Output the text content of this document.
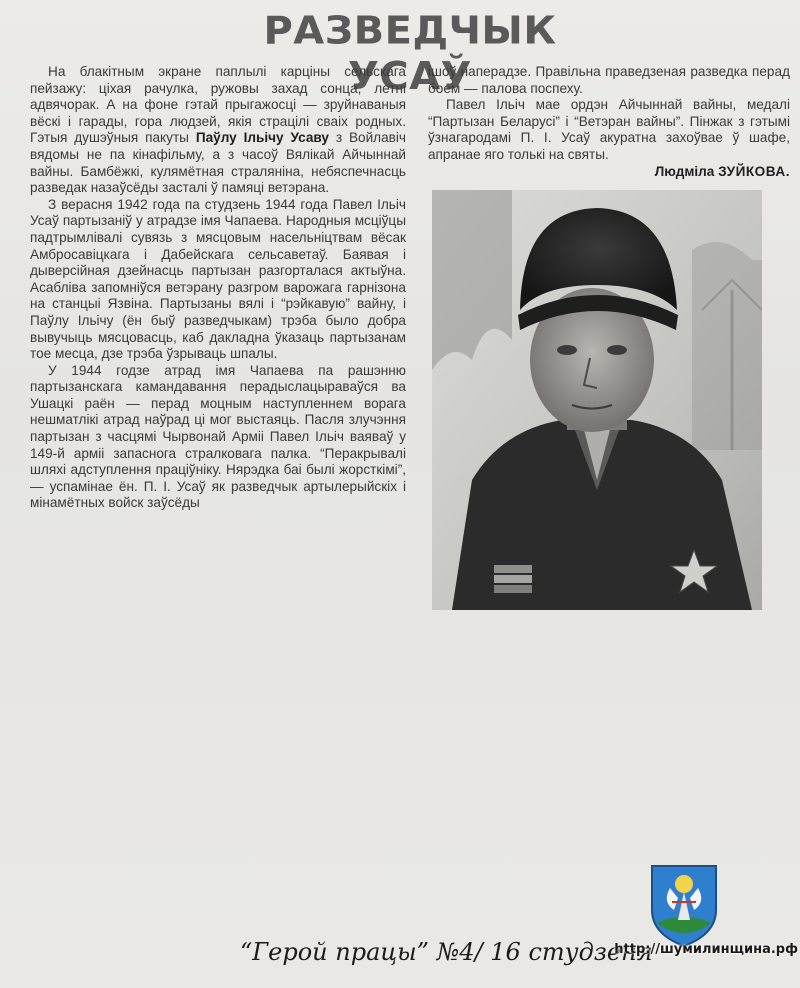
РАЗВЕДЧЫК УСАЎ

На блакітным экране паплылі карціны сельскага пейзажу: ціхая рачулка, ружовы захад сонца, летні адвячорак. А на фоне гэтай прыгажосці — зруйнаваныя вёскі і гарады, гора людзей, якія страцілі сваіх родных. Гэтыя душэўныя пакуты Паўлу Ільічу Усаву з Войлавіч вядомы не па кінафільму, а з часоў Вялікай Айчыннай вайны. Бамбёжкі, кулямётная стралянiна, небяспечнасць разведак назаўсёды засталі ў памяці ветэрана.

З верасня 1942 года па студзень 1944 года Павел Ільіч Усаў партызаніў у атрадзе імя Чапаева. Народныя мсціўцы падтрымлівалі сувязь з мясцовым насельніцтвам вёсак Амбросавіцкага і Дабейскага сельсаветаў. Баявая і дыверсійная дзейнасць партызан разгорталася актыўна. Асабліва запомніўся ветэрану разгром варожага гарнізона на станцыі Язвіна. Партызаны вялі і “рэйкавую” вайну, і Паўлу Ільічу (ён быў разведчыкам) трэба было добра вывучыць мясцовасць, каб дакладна ўказаць партызанам тое месца, дзе трэба ўзрываць шпалы.

У 1944 годзе атрад імя Чапаева па рашэнню партызанскага камандавання перадыслацыраваўся ва Ушацкі раён — перад моцным наступленнем ворага нешматлікі атрад наўрад ці мог выстаяць. Пасля злучэння партызан з часцямі Чырвонай Арміі Павел Ільіч ваяваў у 149-й арміі запаснога стралковага палка. “Перакрывалі шляхі адступлення праціўніку. Нярэдка баі былі жорсткімі”, — успамінае ён. П. І. Усаў як разведчык артылерыйскіх і мінамётных войск заўсёды

ішоў наперадзе. Правільна праведзеная разведка перад боем — палова поспеху.

Павел Ільіч мае ордэн Айчыннай вайны, медалі “Партызан Беларусі” і “Ветэран вайны”. Пінжак з гэтымі ўзнагародамі П. І. Усаў акуратна захоўвае ў шафе, апранае яго толькі на святы.

Людміла ЗУЙКОВА.

“Герой працы” №4/ 16 студзеня
http://шумилинщина.рф
